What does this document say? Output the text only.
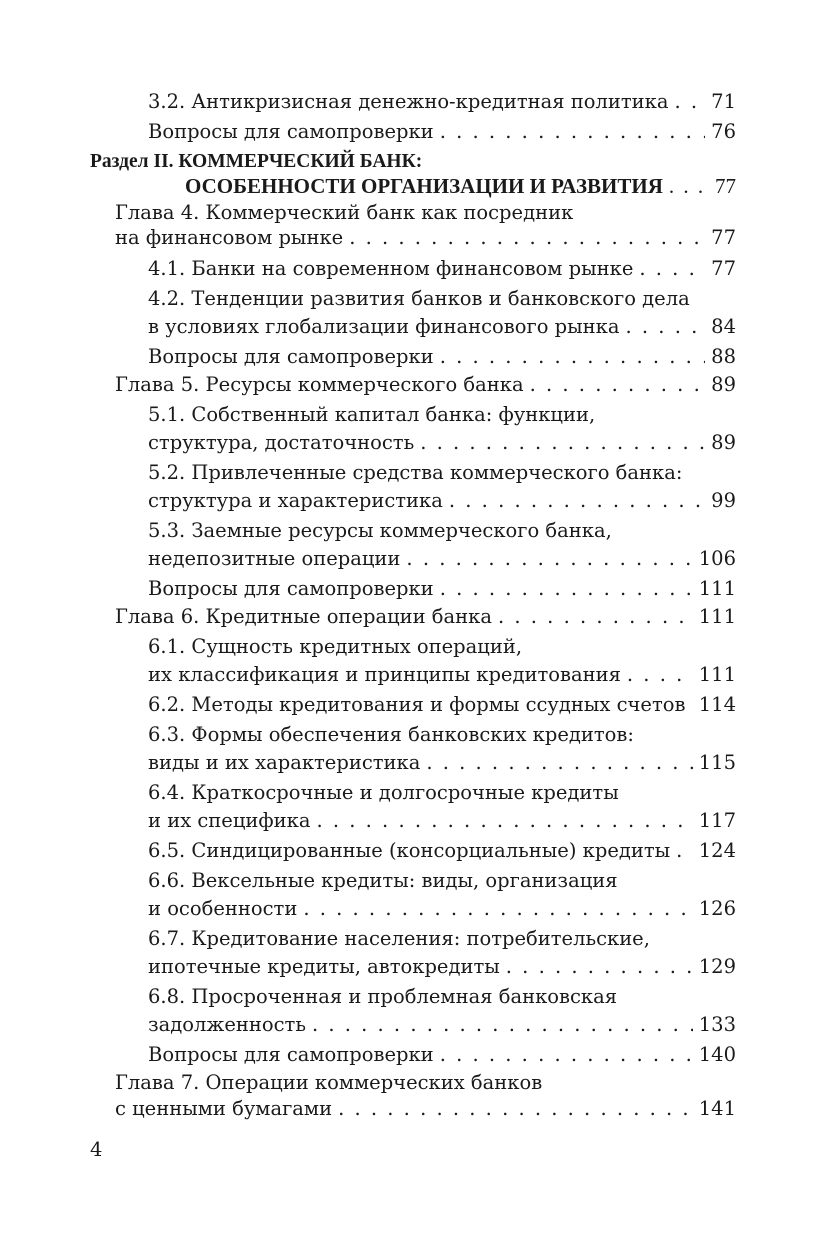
3.2. Антикризисная денежно-кредитная политика . . . 71
Вопросы для самопроверки . . .	76
Раздел II. КОММЕРЧЕСКИЙ БАНК:
ОСОБЕННОСТИ ОРГАНИЗАЦИИ И РАЗВИТИЯ . . . 77
Глава 4. Коммерческий банк как посредник
на финансовом рынке . . .	77
4.1. Банки на современном финансовом рынке . . .	77
4.2. Тенденции развития банков и банковского дела
в условиях глобализации финансового рынка . . .	84
Вопросы для самопроверки . . .	88
Глава 5. Ресурсы коммерческого банка . . .	89
5.1. Собственный капитал банка: функции,
структура, достаточность . . .	89
5.2. Привлеченные средства коммерческого банка:
структура и характеристика . . .	99
5.3. Заемные ресурсы коммерческого банка,
недепозитные операции . . .	106
Вопросы для самопроверки . . .	111
Глава 6. Кредитные операции банка . . .	111
6.1. Сущность кредитных операций,
их классификация и принципы кредитования . . .	111
6.2. Методы кредитования и формы ссудных счетов . . . 114
6.3. Формы обеспечения банковских кредитов:
виды и их характеристика . . .	115
6.4. Краткосрочные и долгосрочные кредиты
и их специфика . . .	117
6.5. Синдицированные (консорциальные) кредиты . . . 124
6.6. Вексельные кредиты: виды, организация
и особенности . . .	126
6.7. Кредитование населения: потребительские,
ипотечные кредиты, автокредиты . . .	129
6.8. Просроченная и проблемная банковская
задолженность . . .	133
Вопросы для самопроверки . . .	140
Глава 7. Операции коммерческих банков
с ценными бумагами . . .	141
4
